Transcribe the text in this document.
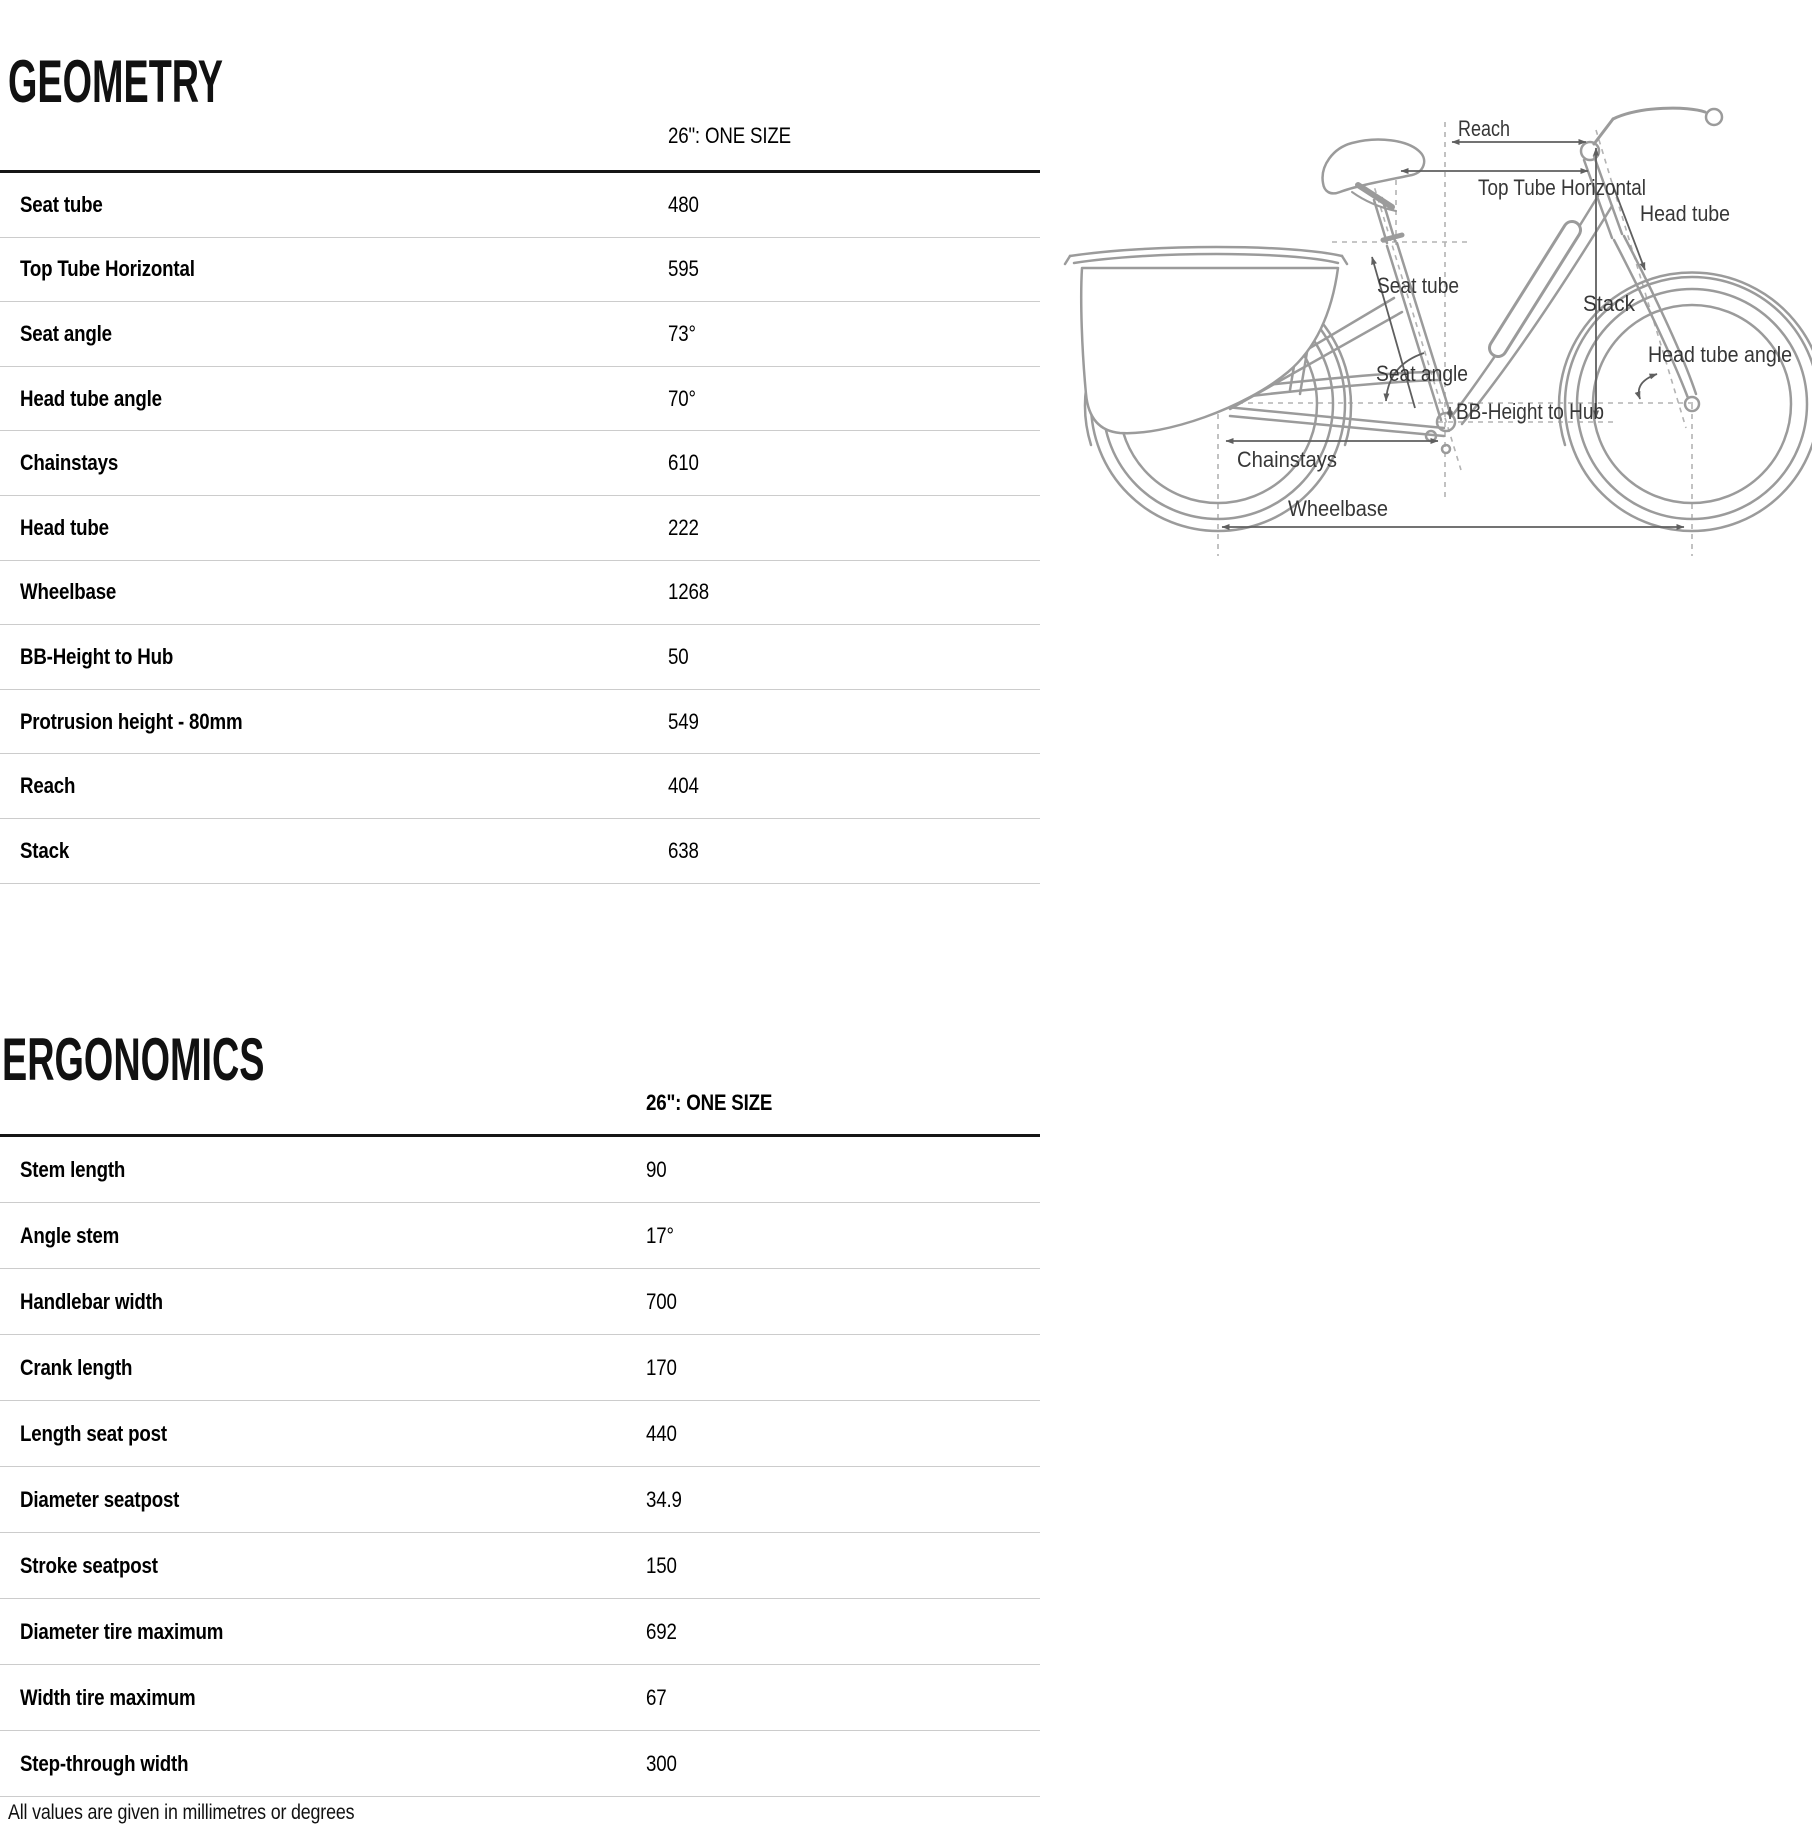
GEOMETRY
26": ONE SIZE
Seat tube	480
Top Tube Horizontal	595
Seat angle	73°
Head tube angle	70°
Chainstays	610
Head tube	222
Wheelbase	1268
BB-Height to Hub	50
Protrusion height - 80mm	549
Reach	404
Stack	638
ERGONOMICS
26": ONE SIZE
Stem length	90
Angle stem	17°
Handlebar width	700
Crank length	170
Length seat post	440
Diameter seatpost	34.9
Stroke seatpost	150
Diameter tire maximum	692
Width tire maximum	67
Step-through width	300
All values are given in millimetres or degrees
Reach
Top Tube Horizontal
Head tube
Seat tube
Stack
Seat angle
Head tube angle
BB-Height to Hub
Chainstays
Wheelbase
